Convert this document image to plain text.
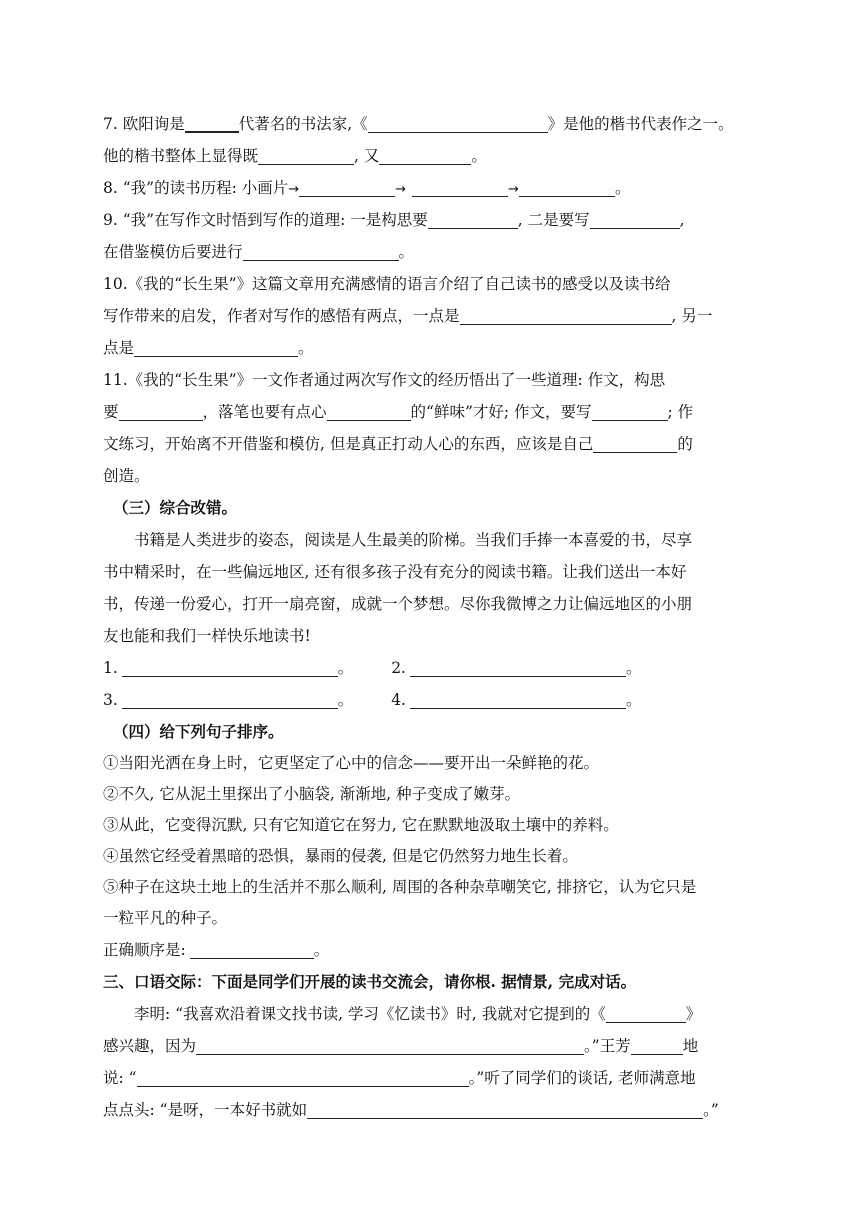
7. 欧阳询是	代著名的书法家,《	》是他的楷书代表作之一。
他的楷书整体上显得既	, 又	。
8. “我”的读书历程: 小画片→	→	→	。
9. “我”在写作文时悟到写作的道理: 一是构思要	, 二是要写	,
在借鉴模仿后要进行	。
10.《我的“长生果”》这篇文章用充满感情的语言介绍了自己读书的感受以及读书给
写作带来的启发，作者对写作的感悟有两点，一点是	, 另一
点是	。
11.《我的“长生果”》一文作者通过两次写作文的经历悟出了一些道理: 作文，构思
要	，落笔也要有点心	的“鲜味”才好; 作文，要写	; 作
文练习，开始离不开借鉴和模仿, 但是真正打动人心的东西，应该是自己	的
创造。
（三）综合改错。
书籍是人类进步的姿态，阅读是人生最美的阶梯。当我们手捧一本喜爱的书，尽享
书中精采时，在一些偏远地区, 还有很多孩子没有充分的阅读书籍。让我们送出一本好
书，传递一份爱心，打开一扇亮窗，成就一个梦想。尽你我微博之力让偏远地区的小朋
友也能和我们一样快乐地读书!
1.	。 2.	。
3.	。 4.	。
（四）给下列句子排序。
①当阳光洒在身上时，它更坚定了心中的信念——要开出一朵鲜艳的花。
②不久, 它从泥土里探出了小脑袋, 渐渐地, 种子变成了嫩芽。
③从此，它变得沉默, 只有它知道它在努力, 它在默默地汲取土壤中的养料。
④虽然它经受着黑暗的恐惧，暴雨的侵袭, 但是它仍然努力地生长着。
⑤种子在这块土地上的生活并不那么顺利, 周围的各种杂草嘲笑它, 排挤它，认为它只是
一粒平凡的种子。
正确顺序是:	。
三、口语交际：下面是同学们开展的读书交流会，请你根. 据情景, 完成对话。
李明: “我喜欢沿着课文找书读, 学习《忆读书》时, 我就对它提到的《	》
感兴趣，因为	。”王芳	地
说: “	。”听了同学们的谈话, 老师满意地
点点头: “是呀，一本好书就如	。”
